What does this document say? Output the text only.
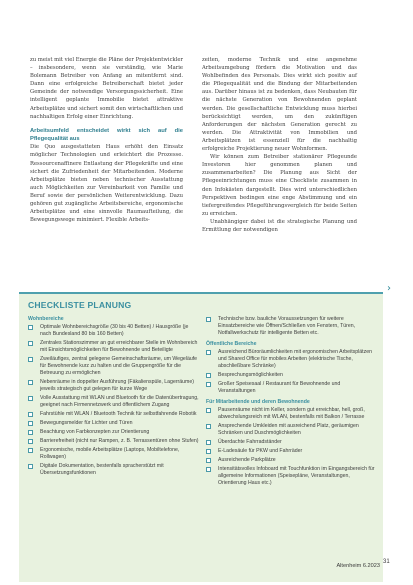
zu meist mit viel Energie die Pläne der Projektentwickler – insbesondere, wenn sie verständig, wie Marie Bolemann Betreiber von Anfang an mitentfernt sind. Dann eine erfolgreiche Betreiberschaft bietet jeder Gemeinde der notwendige Versorgungssicherheit. Eine intelligent geplante Immobilie bietet attraktive Arbeitsplätze und sichert somit den wirtschaftlichen und nachhaltigen Erfolg einer Einrichtung.

Arbeitsumfeld entscheidet wirkt sich auf die Pflegequalität aus

Die Quo ausgestatteten Haus erhöht den Einsatz möglicher Technologien und erleichtert die Prozesse. Ressourcenaffinere Entlastung der Pflegekräfte und eine sichert die Zufriedenheit der Mitarbeitenden. Moderne Arbeitsplätze bieten neben technischer Ausstattung auch Möglichkeiten zur Vereinbarkeit von Familie und Beruf sowie der persönlichen Weiterentwicklung. Dazu gehören gut zugängliche Arbeitsbereiche, ergonomische Arbeitsplätze und eine sinnvolle Raumaufteilung, die Bewegungswege minimiert. Flexible Arbeits-

zeiten, moderne Technik und eine angenehme Arbeitsumgebung fördern die Motivation und das Wohlbefinden des Personals. Dies wirkt sich positiv auf die Pflegequalität und die Bindung der Mitarbeitenden aus. Darüber hinaus ist zu bedenken, dass Neubauten für die nächste Generation von Bewohnenden geplant werden. Die gesellschaftliche Entwicklung muss hierbei berücksichtigt werden, um den zukünftigen Anforderungen der nächsten Generation gerecht zu werden. Die Attraktivität von Immobilien und Arbeitsplätzen ist essenziell für die nachhaltig erfolgreiche Projektierung neuer Wohnformen.

Wir können zum Betreiber stationärer Pflegeunde Investoren hier genommen planen und zusammenarbeiten? Die Planung aus Sicht der Pflegeeinrichtungen muss eine Checkliste zusammen in den Infokästen dargestellt. Dies wird unterschiedlichen Perspektiven bedingen eine enge Abstimmung und ein tiefergreifendes Pflegeführungsvergleich für beide Seiten zu erreichen.

Unabhängiger dabei ist die strategische Planung und Ermittlung der notwendigen

›
CHECKLISTE PLANUNG
Wohnbereiche
Optimale Wohnbereichsgröße (30 bis 40 Betten) / Hausgröße (je nach Bundesland 80 bis 160 Betten)
Zentrales Stationszimmer an gut erreichbarer Stelle im Wohnbereich mit Einsichtsmöglichkeiten für Bewohnende und Beteiligte
Zweiläufiges, zentral gelegene Gemeinschaftsräume, um Wegeläufe für Bewohnende kurz zu halten und die Gruppengröße für die Betreuung zu ermöglichen
Nebenräume in doppelter Ausführung (Fäkalienspüle, Lagerräume) jeweils strategisch gut gelegen für kurze Wege
Volle Ausstattung mit WLAN und Bluetooth für die Datenübertragung, geeignet nach Firmennetzwerk und öffentlichem Zugang
Fahrstühle mit WLAN / Bluetooth Technik für selbstfahrende Robotik
Bewegungsmelder für Lichter und Türen
Beachtung von Farbkonzepten zur Orientierung
Barrierefreiheit (nicht nur Rampen, z. B. Terrassentüren ohne Stufen)
Ergonomische, mobile Arbeitsplätze (Laptops, Mobiltelefone, Rollwagen)
Digitale Dokumentation, bestenfalls spracherstützt mit Übersetzungsfunktionen
Technische bzw. bauliche Voraussetzungen für weitere Einsatzbereiche wie Öffnen/Schließen von Fenstern, Türen, Notfallwerkschutz für intelligente Betten etc.
Öffentliche Bereiche
Ausreichend Büroräumlichkeiten mit ergonomischen Arbeitsplätzen und Shared Office für mobiles Arbeiten (elektrische Tische, abschließbare Schränke)
Besprechungsmöglichkeiten
Großer Speisesaal / Restaurant für Bewohnende und Veranstaltungen
Für Mitarbeitende und deren Bewohnende
Pausenräume nicht im Keller, sondern gut erreichbar, hell, groß, abwechslungsreich mit WLAN, bestenfalls mit Balkon / Terrasse
Ansprechende Umkleiden mit ausreichend Platz, geräumigen Schränken und Duschmöglichkeiten
Überdachte Fahrradständer
E-Ladesäule für PKW und Fahrräder
Ausreichende Parkplätze
Intensitätsvolles Infoboard mit Touchfunktion im Eingangsbereich für allgemeine Informationen (Speisepläne, Veranstaltungen, Orientierung Haus etc.)
Altenheim 6.2023
31
